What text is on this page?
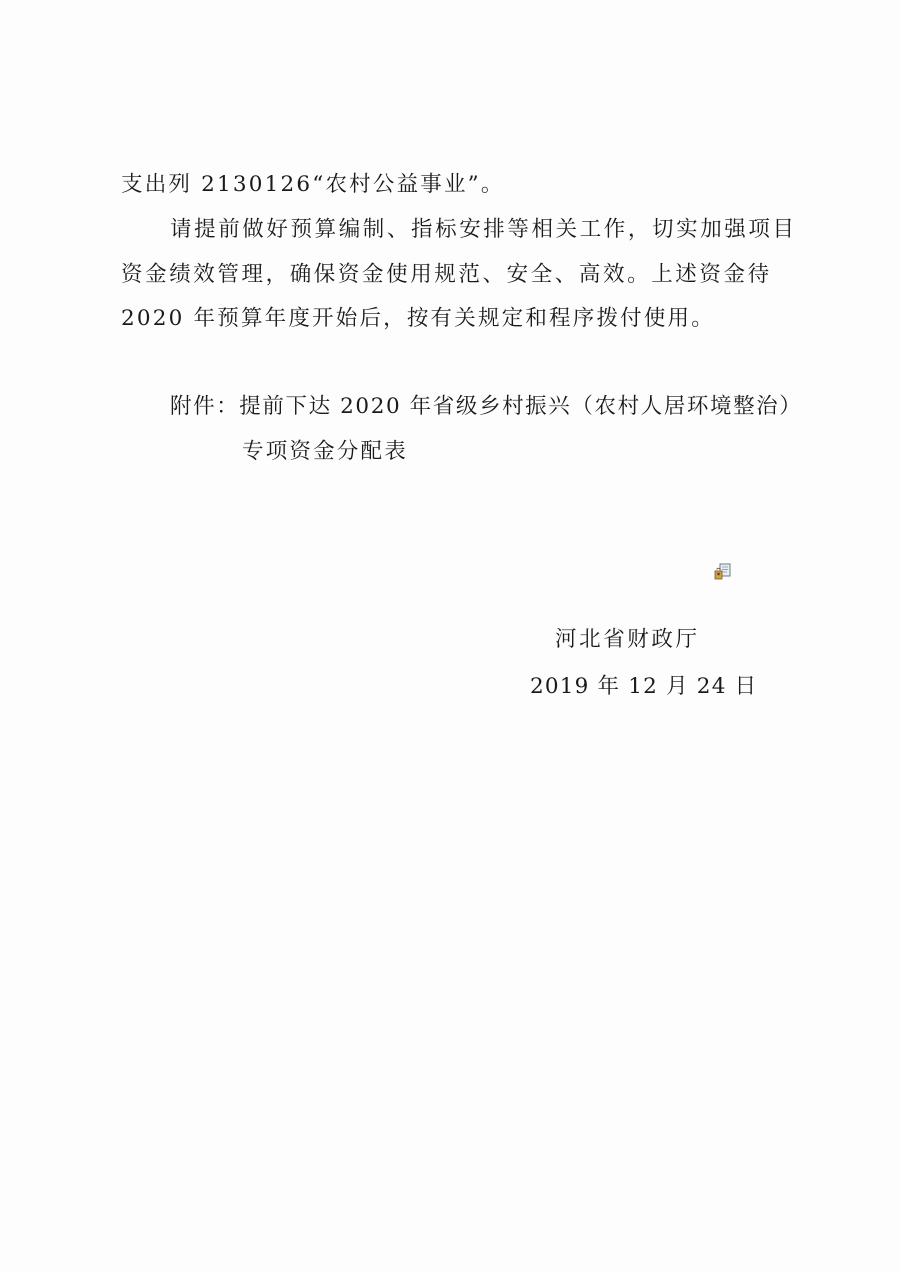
支出列 2130126“农村公益事业”。
请提前做好预算编制、指标安排等相关工作，切实加强项目
资金绩效管理，确保资金使用规范、安全、高效。上述资金待
2020 年预算年度开始后，按有关规定和程序拨付使用。
附件：提前下达 2020 年省级乡村振兴（农村人居环境整治）
专项资金分配表
河北省财政厅
2019 年 12 月 24 日
